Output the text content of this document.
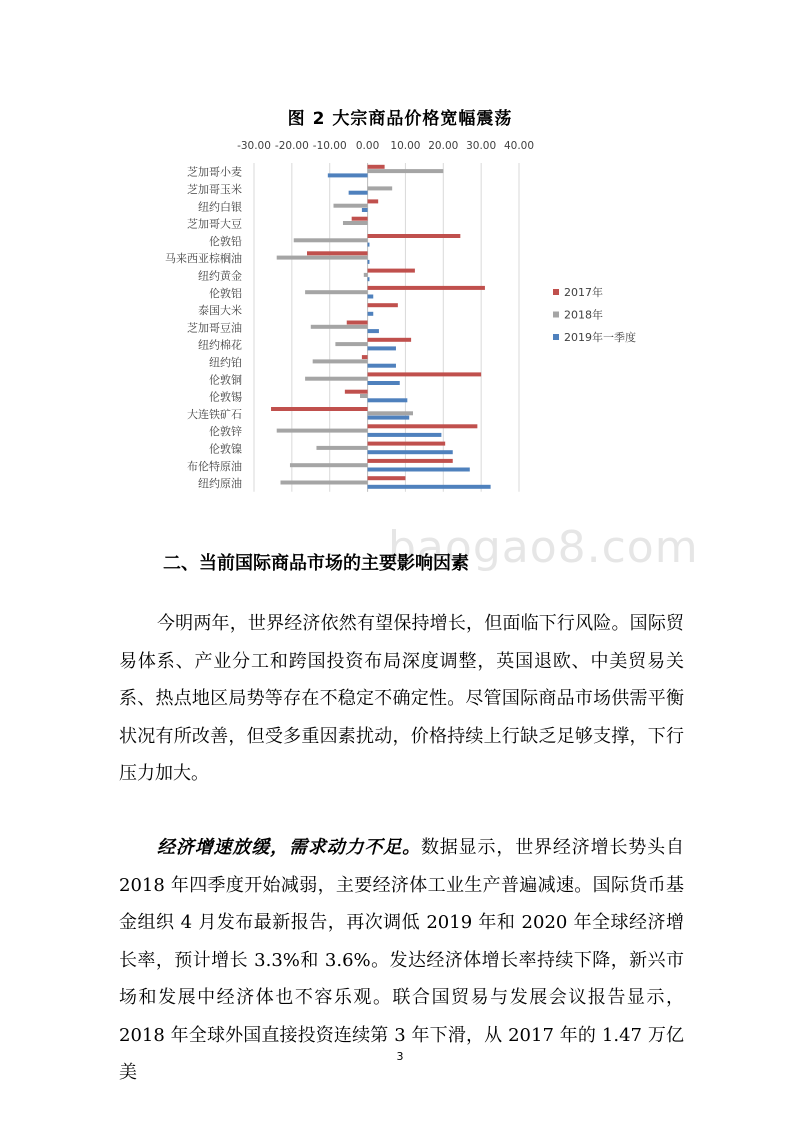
图 2 大宗商品价格宽幅震荡
-30.00 -20.00 -10.00 0.00 10.00 20.00 30.00 40.00
芝加哥小麦
芝加哥玉米
纽约白银
芝加哥大豆
伦敦铅
马来西亚棕榈油
纽约黄金
伦敦铝
泰国大米
芝加哥豆油
纽约棉花
纽约铂
伦敦铜
伦敦锡
大连铁矿石
伦敦锌
伦敦镍
布伦特原油
纽约原油
2017年
2018年
2019年一季度
baogao8.com
二、当前国际商品市场的主要影响因素

今明两年，世界经济依然有望保持增长，但面临下行风险。国际贸易体系、产业分工和跨国投资布局深度调整，英国退欧、中美贸易关系、热点地区局势等存在不稳定不确定性。尽管国际商品市场供需平衡状况有所改善，但受多重因素扰动，价格持续上行缺乏足够支撑，下行压力加大。

经济增速放缓，需求动力不足。数据显示，世界经济增长势头自 2018 年四季度开始减弱，主要经济体工业生产普遍减速。国际货币基金组织 4 月发布最新报告，再次调低 2019 年和 2020 年全球经济增长率，预计增长 3.3%和 3.6%。发达经济体增长率持续下降，新兴市场和发展中经济体也不容乐观。联合国贸易与发展会议报告显示，2018 年全球外国直接投资连续第 3 年下滑，从 2017 年的 1.47 万亿美

3
